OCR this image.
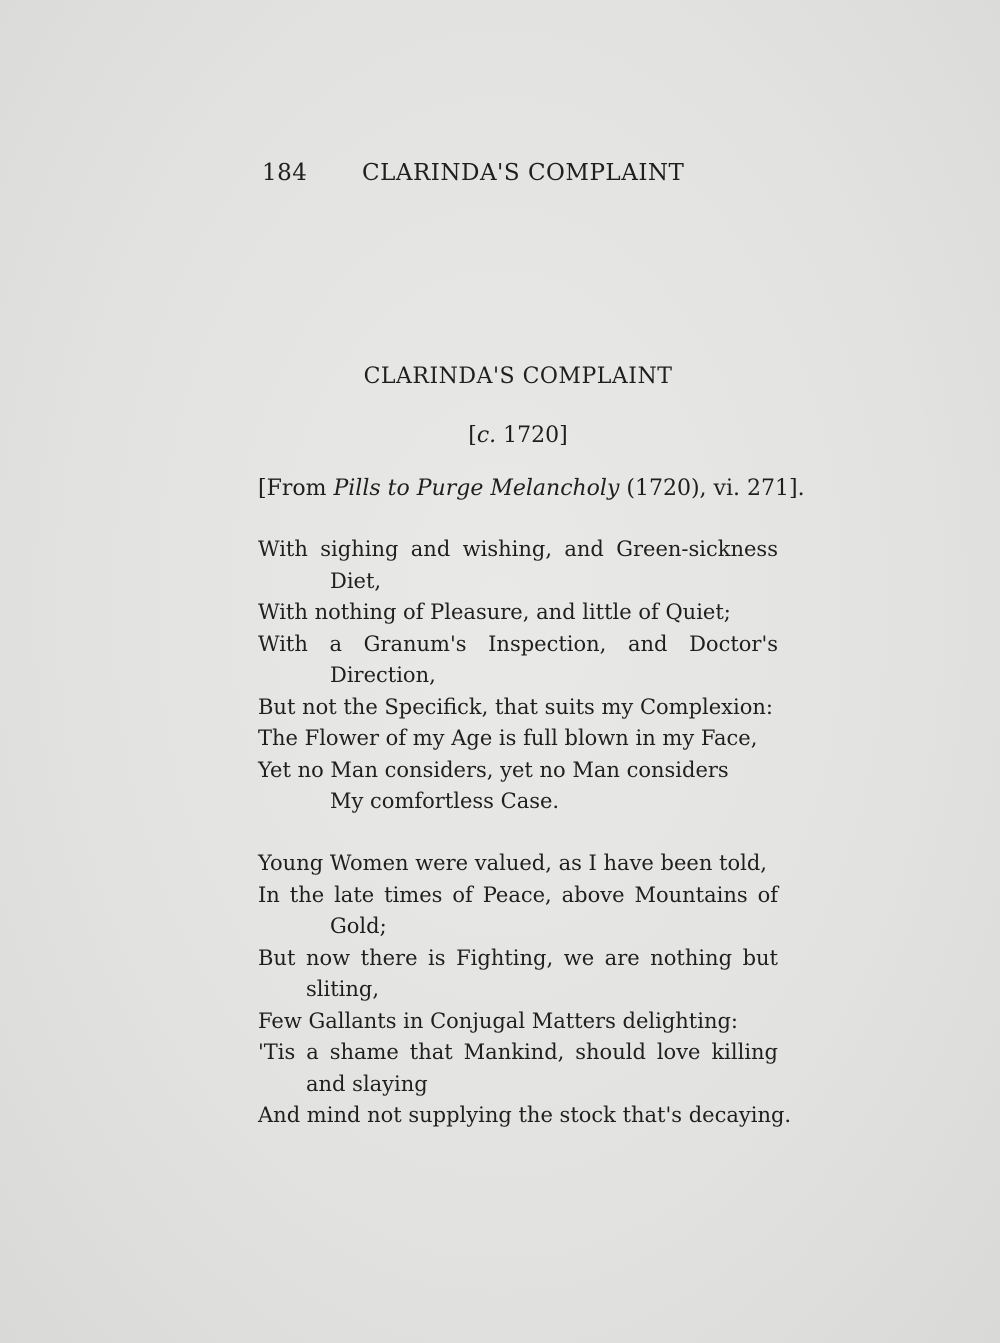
184 CLARINDA'S COMPLAINT
CLARINDA'S COMPLAINT
[c. 1720]
[From Pills to Purge Melancholy (1720), vi. 271].
With sighing and wishing, and Green-sickness
Diet,
With nothing of Pleasure, and little of Quiet;
With a Granum's Inspection, and Doctor's
Direction,
But not the Specifick, that suits my Complexion:
The Flower of my Age is full blown in my Face,
Yet no Man considers, yet no Man considers
My comfortless Case.
Young Women were valued, as I have been told,
In the late times of Peace, above Mountains of
Gold;
But now there is Fighting, we are nothing but
sliting,
Few Gallants in Conjugal Matters delighting:
'Tis a shame that Mankind, should love killing
and slaying
And mind not supplying the stock that's decaying.
